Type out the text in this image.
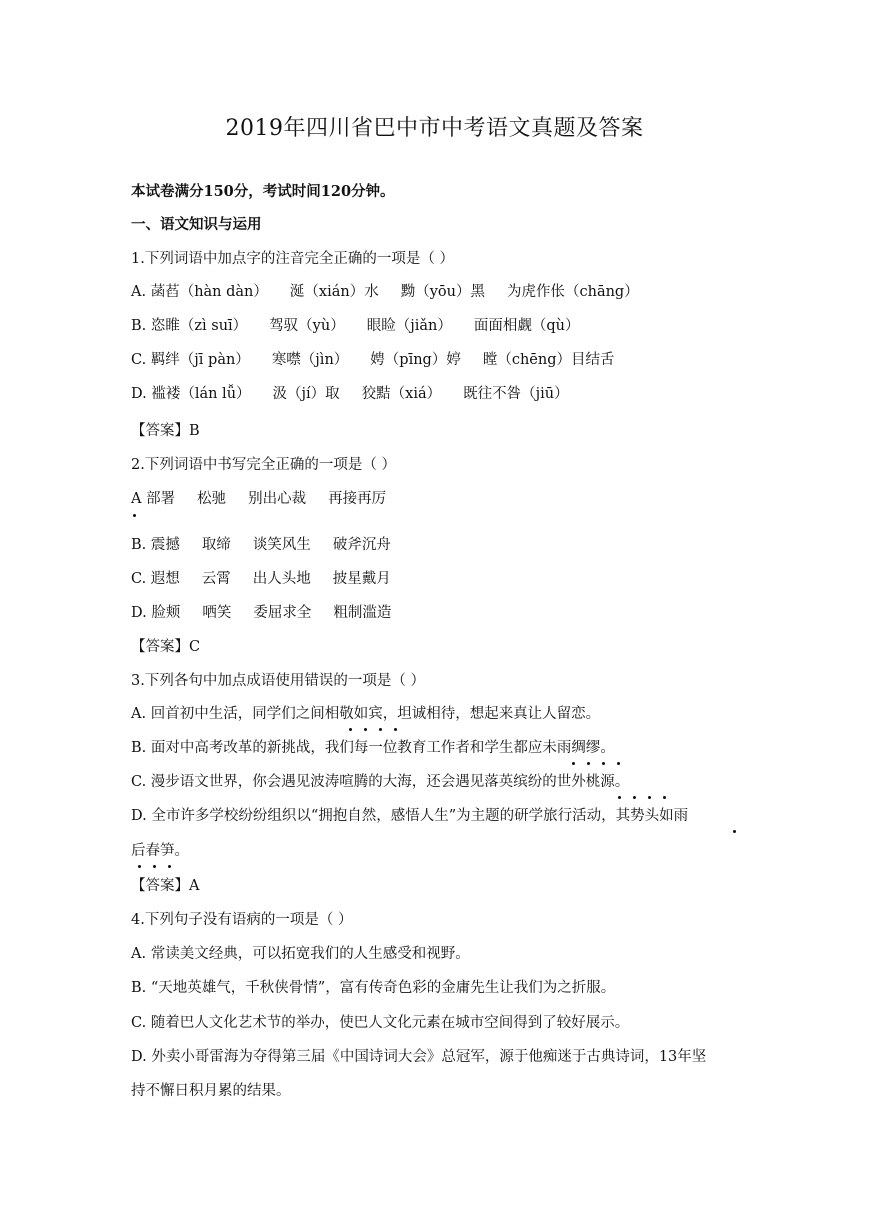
2019年四川省巴中市中考语文真题及答案
本试卷满分150分，考试时间120分钟。
一、语文知识与运用
1.下列词语中加点字的注音完全正确的一项是（ ）
A. 菡萏（hàn dàn） 涎（xián）水 黝（yōu）黑 为虎作伥（chāng）
B. 恣睢（zì suī） 驾驭（yù） 眼睑（jiǎn） 面面相觑（qù）
C. 羁绊（jī pàn） 寒噤（jìn） 娉（pīng）婷 瞠（chēng）目结舌
D. 褴褛（lán lǚ） 汲（jí）取 狡黠（xiá） 既往不咎（jiū）
【答案】B
2.下列词语中书写完全正确的一项是（ ）
A 部署 松驰 别出心裁 再接再厉
B. 震撼 取缔 谈笑风生 破斧沉舟
C. 遐想 云霄 出人头地 披星戴月
D. 脸颊 哂笑 委屈求全 粗制滥造
【答案】C
3.下列各句中加点成语使用错误的一项是（ ）
A. 回首初中生活，同学们之间相敬如宾，坦诚相待，想起来真让人留恋。
B. 面对中高考改革的新挑战，我们每一位教育工作者和学生都应未雨绸缪。
C. 漫步语文世界，你会遇见波涛喧腾的大海，还会遇见落英缤纷的世外桃源。
D. 全市许多学校纷纷组织以“拥抱自然，感悟人生”为主题的研学旅行活动，其势头如雨
后春笋。
【答案】A
4.下列句子没有语病的一项是（ ）
A. 常读美文经典，可以拓宽我们的人生感受和视野。
B. “天地英雄气，千秋侠骨情”，富有传奇色彩的金庸先生让我们为之折服。
C. 随着巴人文化艺术节的举办，使巴人文化元素在城市空间得到了较好展示。
D. 外卖小哥雷海为夺得第三届《中国诗词大会》总冠军，源于他痴迷于古典诗词，13年坚
持不懈日积月累的结果。
